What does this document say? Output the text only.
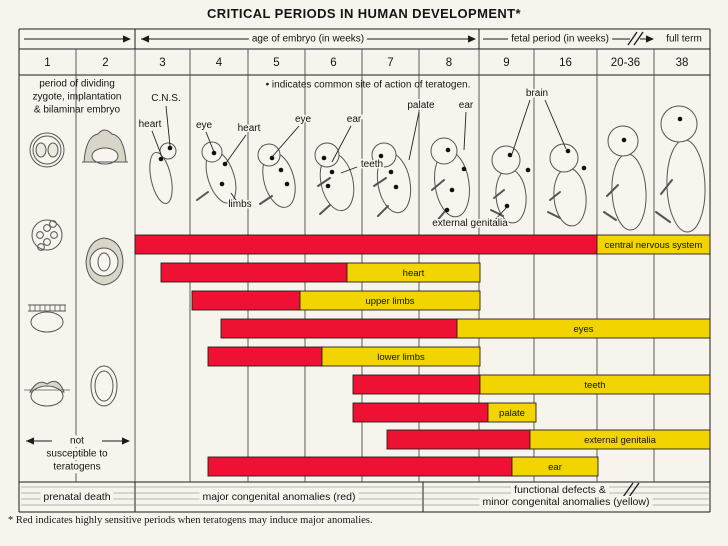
1	2	3	4	5	6	7	8	9	16	20-36	38
C.N.S.
heart	eye	heart
eye	ear
teeth
palate ear
brain
limbs
external genitalia
central nervous system
heart
upper limbs
eyes
lower limbs
teeth
palate
external genitalia
ear
CRITICAL PERIODS IN HUMAN DEVELOPMENT*
age of embryo (in weeks)	fetal period (in weeks)	full term
period of dividing
zygote, implantation
& bilaminar embryo
• indicates common site of action of teratogen.
not
susceptible to
teratogens
prenatal death	major congenital anomalies (red)
functional defects &
minor congenital anomalies (yellow)
* Red indicates highly sensitive periods when teratogens may induce major anomalies.
